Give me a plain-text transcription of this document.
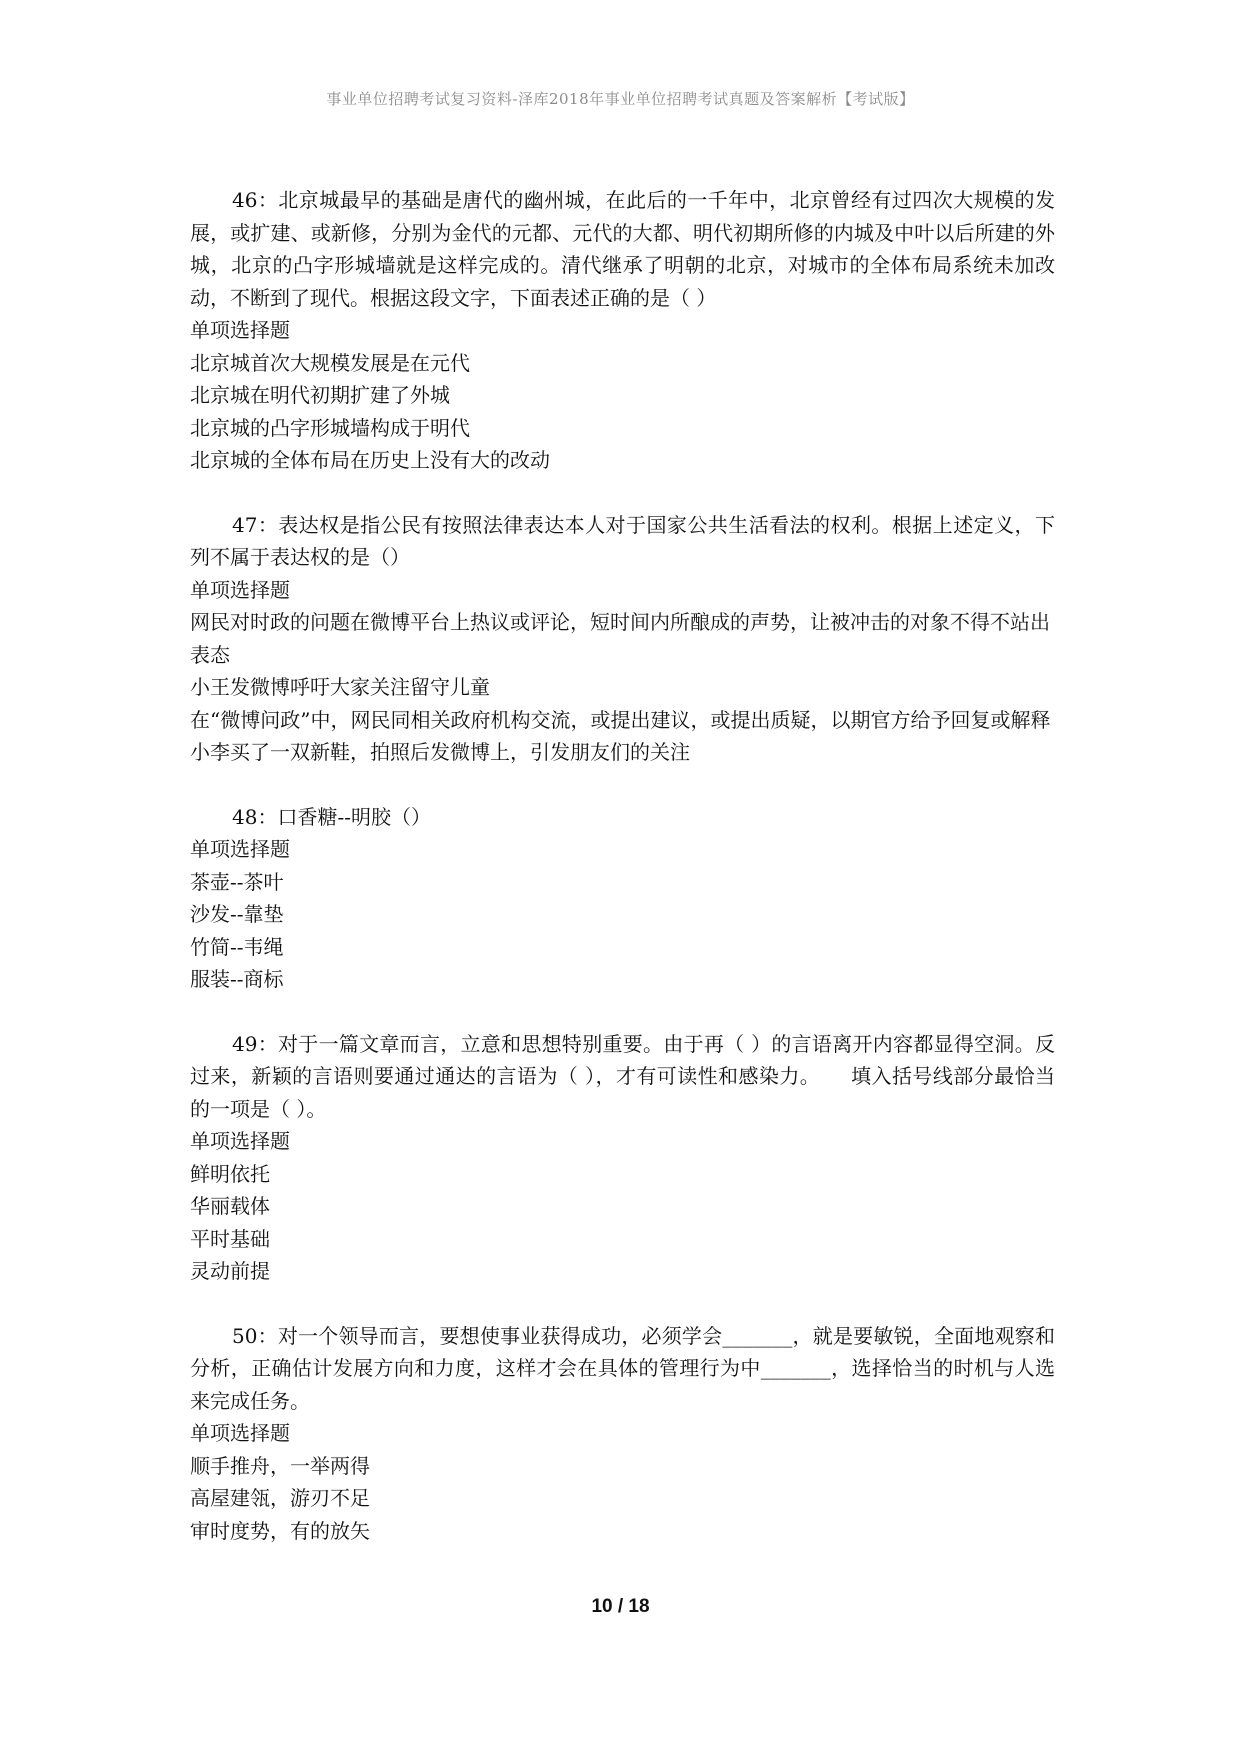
事业单位招聘考试复习资料-泽库2018年事业单位招聘考试真题及答案解析【考试版】

46：北京城最早的基础是唐代的幽州城，在此后的一千年中，北京曾经有过四次大规模的发展，或扩建、或新修，分别为金代的元都、元代的大都、明代初期所修的内城及中叶以后所建的外城，北京的凸字形城墙就是这样完成的。清代继承了明朝的北京，对城市的全体布局系统未加改动，不断到了现代。根据这段文字，下面表述正确的是（ ）

单项选择题

北京城首次大规模发展是在元代

北京城在明代初期扩建了外城

北京城的凸字形城墙构成于明代

北京城的全体布局在历史上没有大的改动

47：表达权是指公民有按照法律表达本人对于国家公共生活看法的权利。根据上述定义，下列不属于表达权的是（）

单项选择题

网民对时政的问题在微博平台上热议或评论，短时间内所酿成的声势，让被冲击的对象不得不站出表态

小王发微博呼吁大家关注留守儿童

在“微博问政”中，网民同相关政府机构交流，或提出建议，或提出质疑，以期官方给予回复或解释

小李买了一双新鞋，拍照后发微博上，引发朋友们的关注

48：口香糖--明胶（）

单项选择题

茶壶--茶叶

沙发--靠垫

竹简--韦绳

服装--商标

49：对于一篇文章而言，立意和思想特别重要。由于再（ ）的言语离开内容都显得空洞。反过来，新颖的言语则要通过通达的言语为（ ），才有可读性和感染力。　　填入括号线部分最恰当的一项是（ ）。

单项选择题

鲜明依托

华丽载体

平时基础

灵动前提

50：对一个领导而言，要想使事业获得成功，必须学会_______，就是要敏锐，全面地观察和分析，正确估计发展方向和力度，这样才会在具体的管理行为中_______，选择恰当的时机与人选来完成任务。

单项选择题

顺手推舟，一举两得

高屋建瓴，游刃不足

审时度势，有的放矢

10 / 18
